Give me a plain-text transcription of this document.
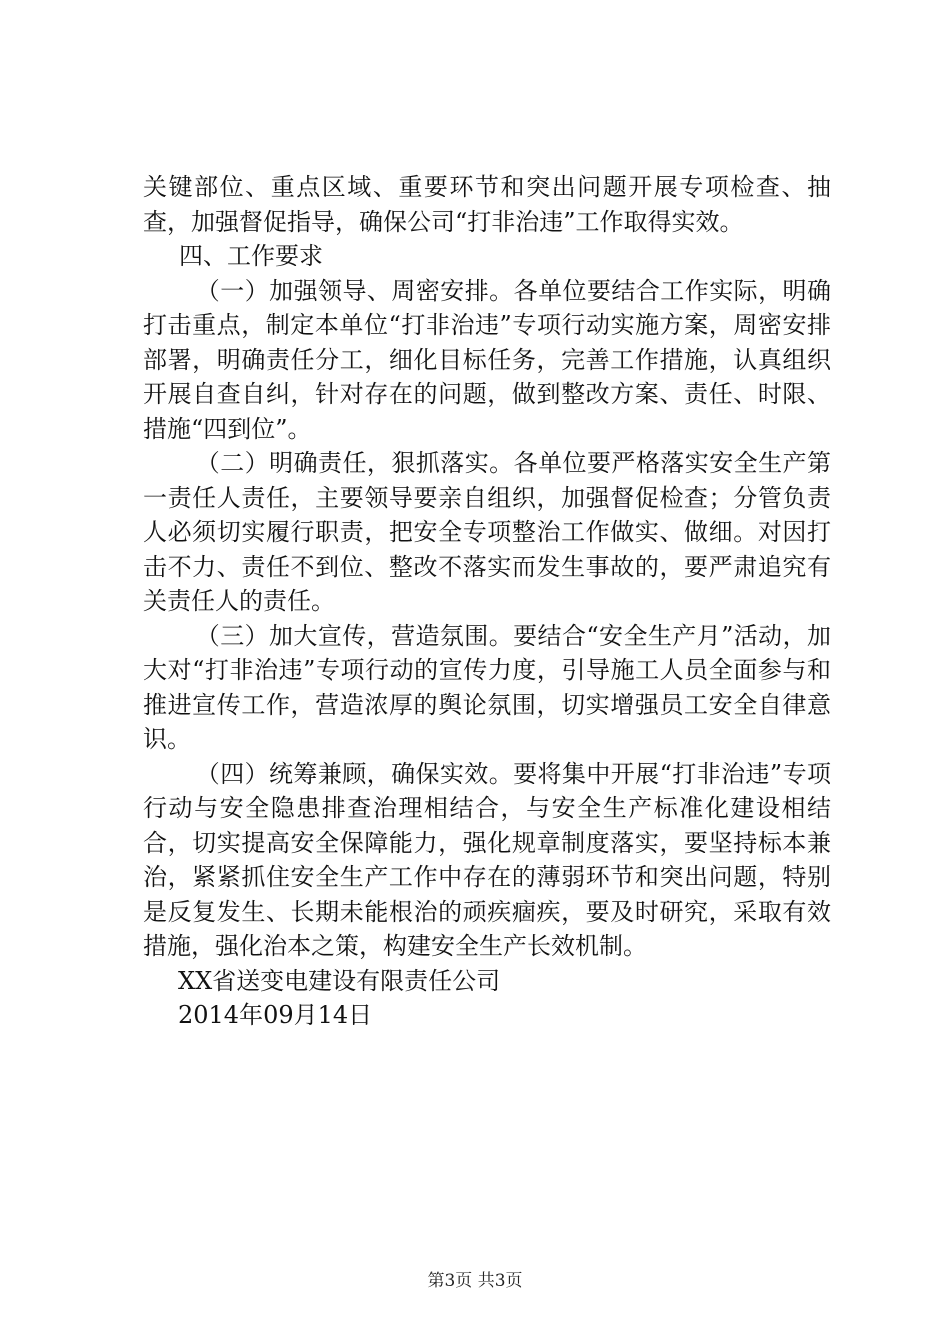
关键部位、重点区域、重要环节和突出问题开展专项检查、抽查，加强督促指导，确保公司“打非治违”工作取得实效。

四、工作要求

（一）加强领导、周密安排。各单位要结合工作实际，明确打击重点，制定本单位“打非治违”专项行动实施方案，周密安排部署，明确责任分工，细化目标任务，完善工作措施，认真组织开展自查自纠，针对存在的问题，做到整改方案、责任、时限、措施“四到位”。

（二）明确责任，狠抓落实。各单位要严格落实安全生产第一责任人责任，主要领导要亲自组织，加强督促检查；分管负责人必须切实履行职责，把安全专项整治工作做实、做细。对因打击不力、责任不到位、整改不落实而发生事故的，要严肃追究有关责任人的责任。

（三）加大宣传，营造氛围。要结合“安全生产月”活动，加大对“打非治违”专项行动的宣传力度，引导施工人员全面参与和推进宣传工作，营造浓厚的舆论氛围，切实增强员工安全自律意识。

（四）统筹兼顾，确保实效。要将集中开展“打非治违”专项行动与安全隐患排查治理相结合，与安全生产标准化建设相结合，切实提高安全保障能力，强化规章制度落实，要坚持标本兼治，紧紧抓住安全生产工作中存在的薄弱环节和突出问题，特别是反复发生、长期未能根治的顽疾痼疾，要及时研究，采取有效措施，强化治本之策，构建安全生产长效机制。

XX省送变电建设有限责任公司

2014年09月14日

第3页 共3页
